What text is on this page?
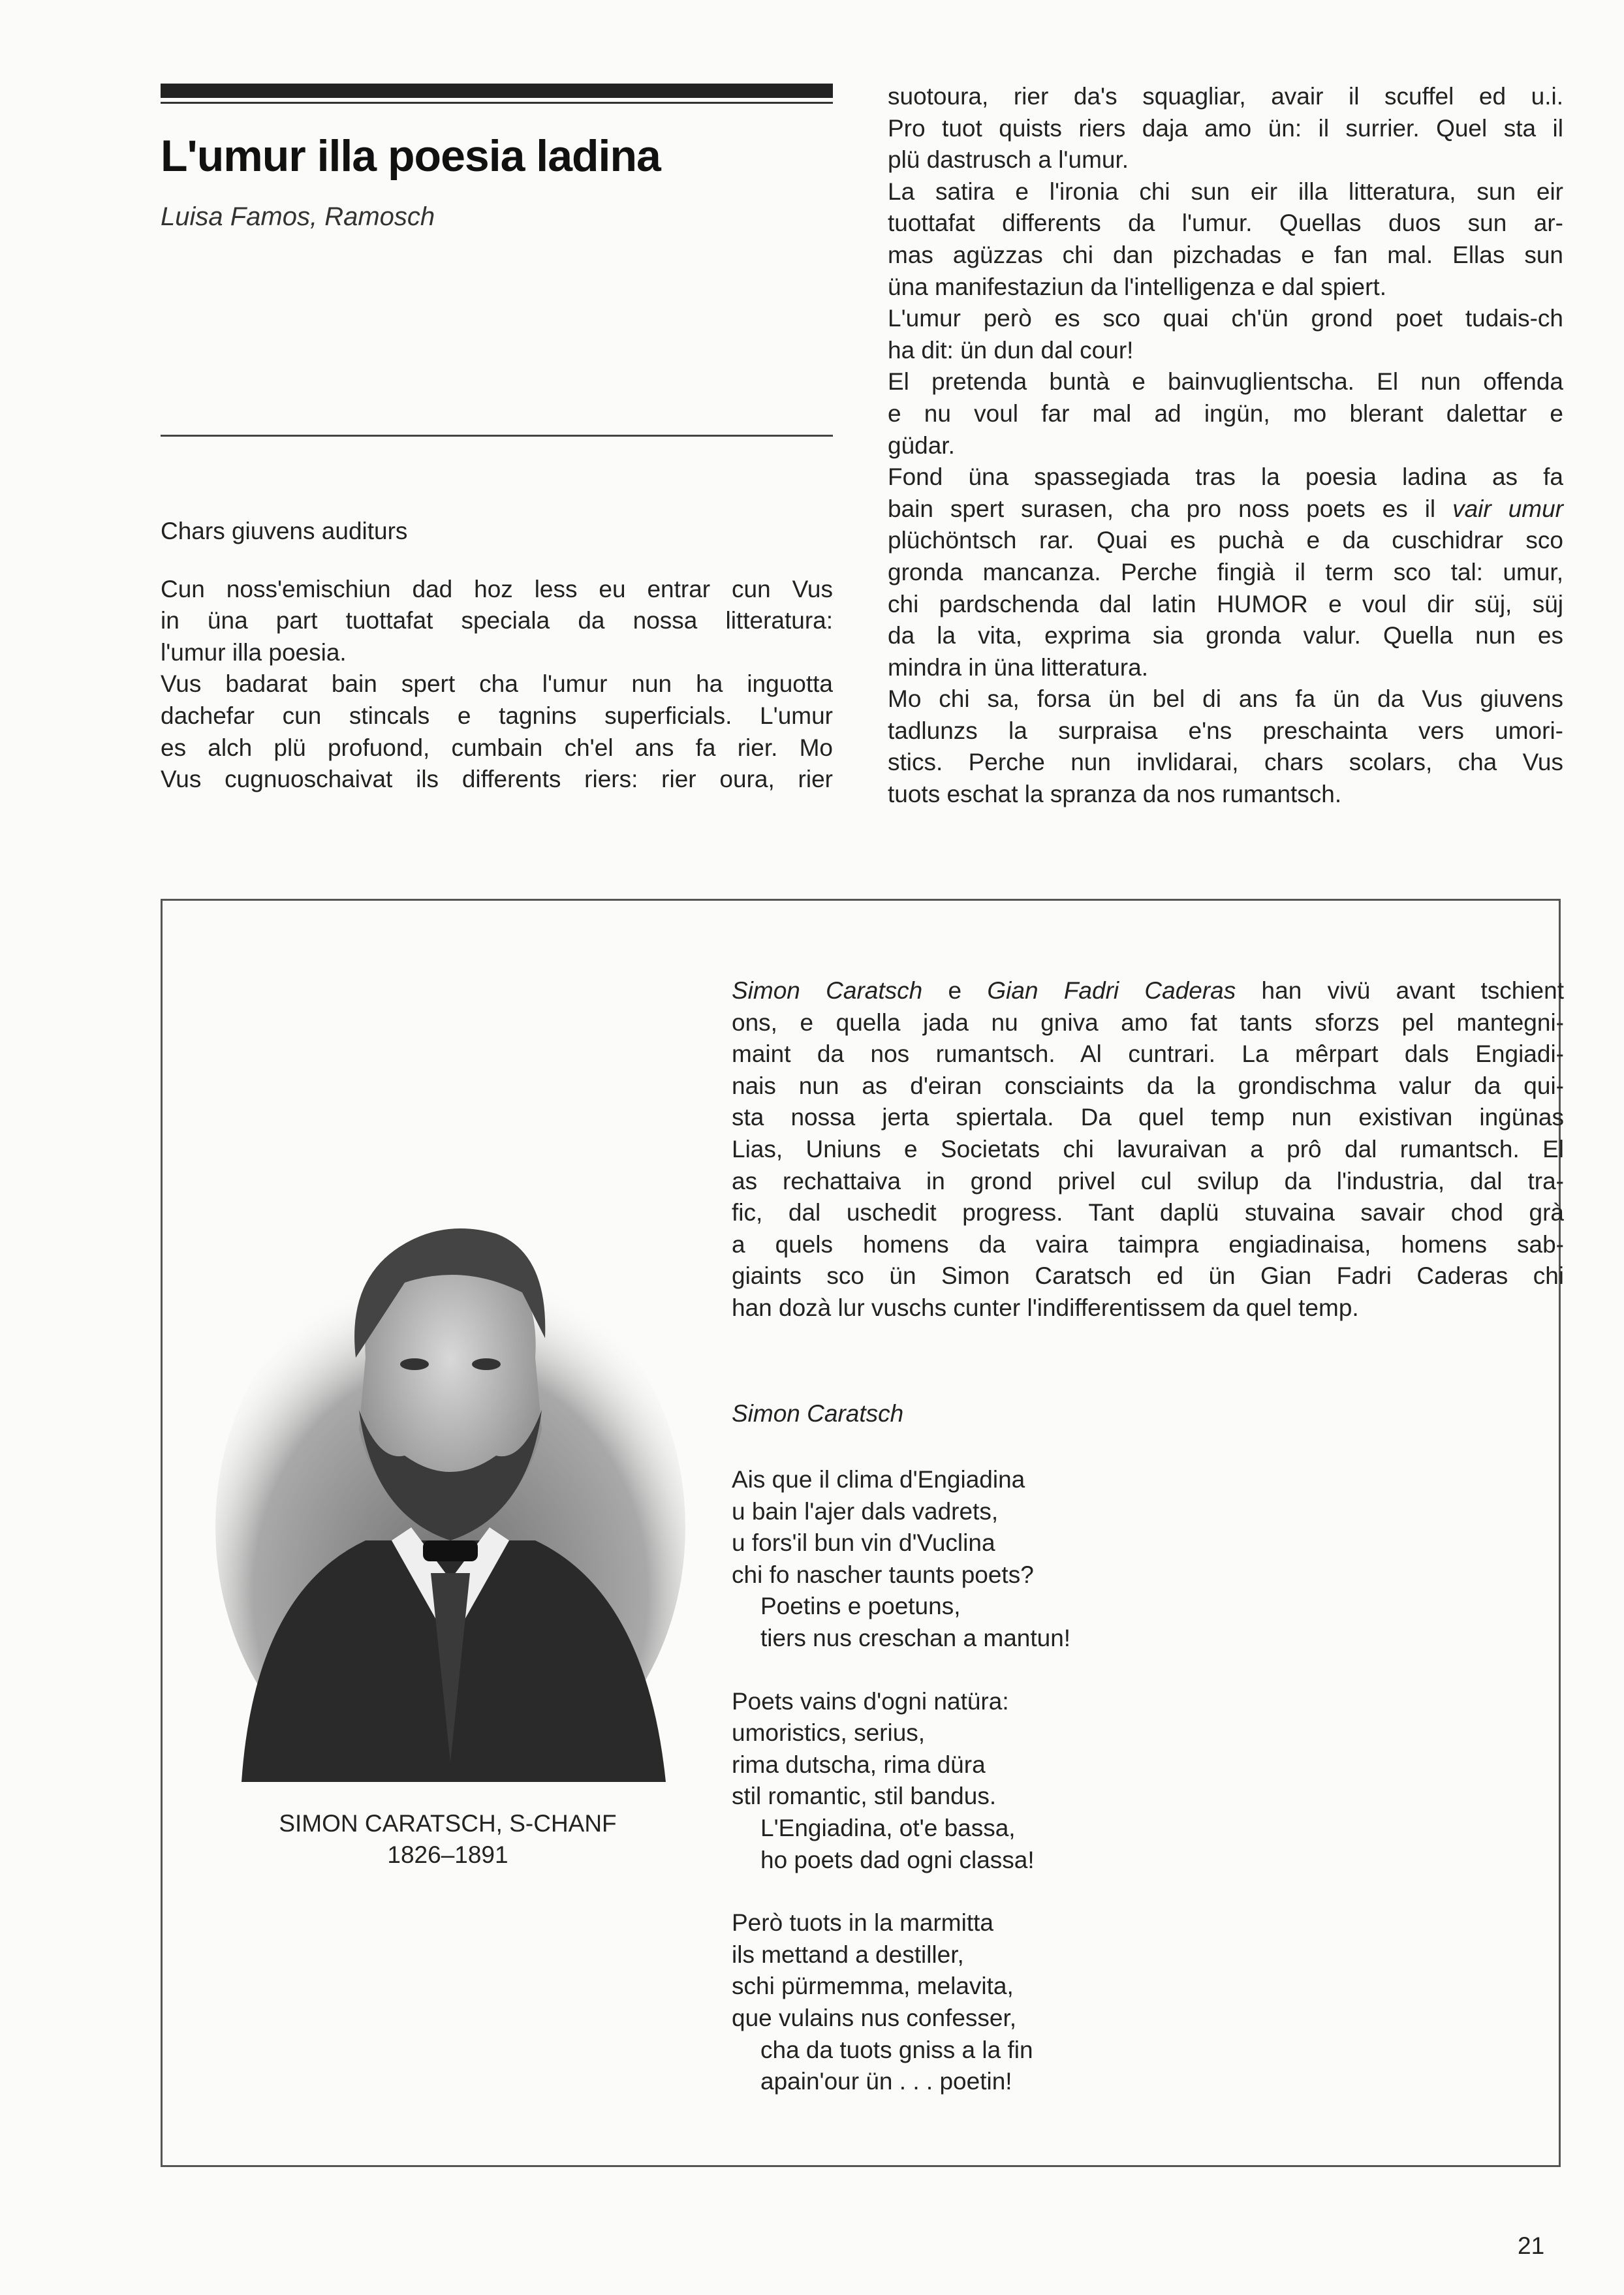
L'umur illa poesia ladina
Luisa Famos, Ramosch

Chars giuvens auditurs

Cun noss'emischiun dad hoz less eu entrar cun Vus

in üna part tuottafat speciala da nossa litteratura:

l'umur illa poesia.

Vus badarat bain spert cha l'umur nun ha inguotta

dachefar cun stincals e tagnins superficials. L'umur

es alch plü profuond, cumbain ch'el ans fa rier. Mo

Vus cugnuoschaivat ils differents riers: rier oura, rier

suotoura, rier da's squagliar, avair il scuffel ed u.i.

Pro tuot quists riers daja amo ün: il surrier. Quel sta il

plü dastrusch a l'umur.

La satira e l'ironia chi sun eir illa litteratura, sun eir

tuottafat differents da l'umur. Quellas duos sun ar-

mas agüzzas chi dan pizchadas e fan mal. Ellas sun

üna manifestaziun da l'intelligenza e dal spiert.

L'umur però es sco quai ch'ün grond poet tudais-ch

ha dit: ün dun dal cour!

El pretenda buntà e bainvuglientscha. El nun offenda

e nu voul far mal ad ingün, mo blerant dalettar e

güdar.

Fond üna spassegiada tras la poesia ladina as fa

bain spert surasen, cha pro noss poets es il vair umur

plüchöntsch rar. Quai es puchà e da cuschidrar sco

gronda mancanza. Perche fingià il term sco tal: umur,

chi pardschenda dal latin HUMOR e voul dir süj, süj

da la vita, exprima sia gronda valur. Quella nun es

mindra in üna litteratura.

Mo chi sa, forsa ün bel di ans fa ün da Vus giuvens

tadlunzs la surpraisa e'ns preschainta vers umori-

stics. Perche nun invlidarai, chars scolars, cha Vus

tuots eschat la spranza da nos rumantsch.

SIMON CARATSCH, S-CHANF
1826–1891

Simon Caratsch e Gian Fadri Caderas han vivü avant tschient

ons, e quella jada nu gniva amo fat tants sforzs pel mantegni-

maint da nos rumantsch. Al cuntrari. La mêrpart dals Engiadi-

nais nun as d'eiran consciaints da la grondischma valur da qui-

sta nossa jerta spiertala. Da quel temp nun existivan ingünas

Lias, Uniuns e Societats chi lavuraivan a prô dal rumantsch. El

as rechattaiva in grond privel cul svilup da l'industria, dal tra-

fic, dal uschedit progress. Tant daplü stuvaina savair chod grà

a quels homens da vaira taimpra engiadinaisa, homens sab-

giaints sco ün Simon Caratsch ed ün Gian Fadri Caderas chi

han dozà lur vuschs cunter l'indifferentissem da quel temp.

Simon Caratsch

Ais que il clima d'Engiadina

u bain l'ajer dals vadrets,

u fors'il bun vin d'Vuclina

chi fo nascher taunts poets?

Poetins e poetuns,

tiers nus creschan a mantun!

Poets vains d'ogni natüra:

umoristics, serius,

rima dutscha, rima düra

stil romantic, stil bandus.

L'Engiadina, ot'e bassa,

ho poets dad ogni classa!

Però tuots in la marmitta

ils mettand a destiller,

schi pürmemma, melavita,

que vulains nus confesser,

cha da tuots gniss a la fin

apain'our ün . . . poetin!

21
